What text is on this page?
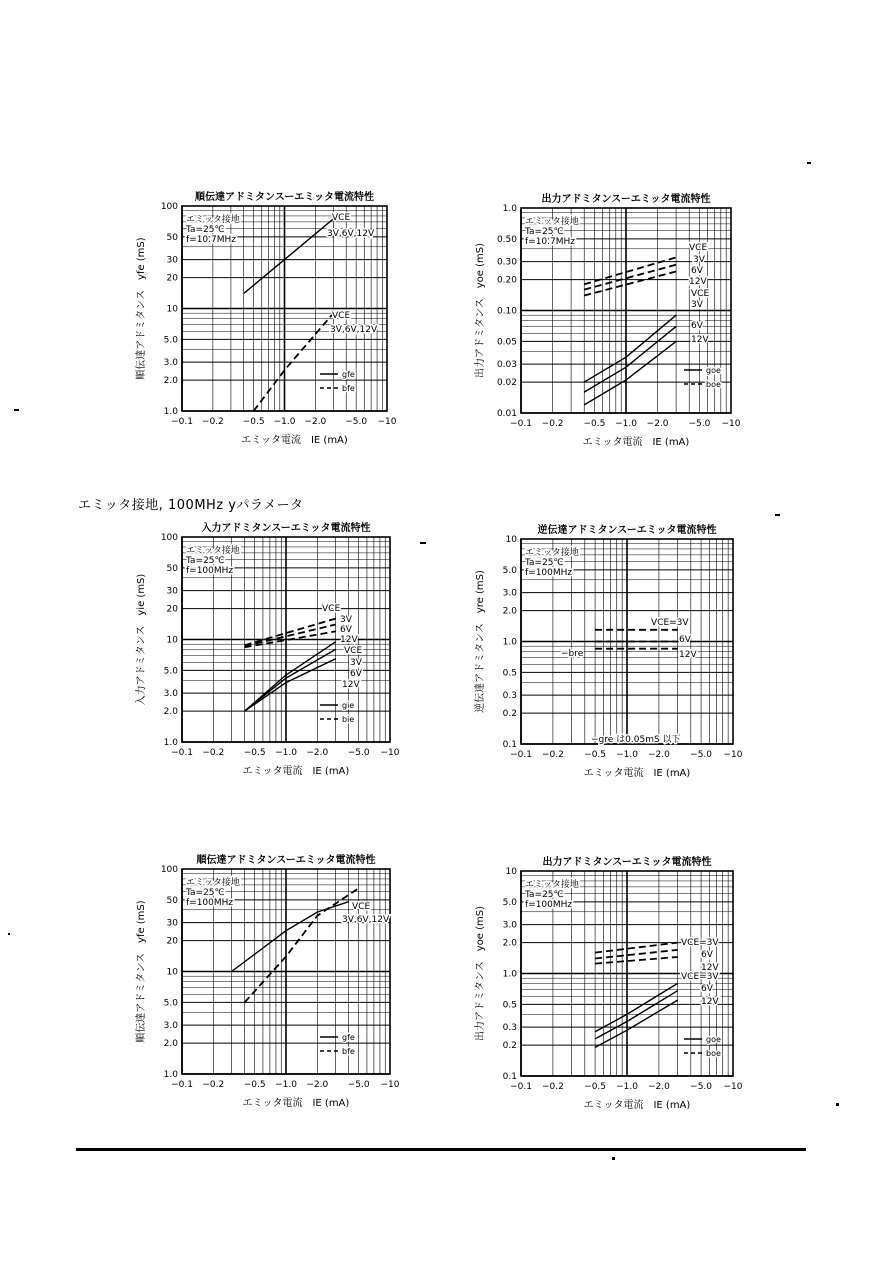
エミッタ接地, 100MHz yパラメータ
順伝達アドミタンスーエミッタ電流特性
−0.1 −0.2 −0.5 −1.0 −2.0 −5.0 −10
100
50
30
20
10
5.0
3.0
2.0
1.0
エミッタ電流　IE (mA)
順伝達アドミタンス　yfe (mS)
エミッタ接地
Ta=25℃
f=10.7MHz
VCE
3V,6V,12V
VCE
3V,6V,12V
gfe
bfe
出力アドミタンスーエミッタ電流特性
−0.1 −0.2 −0.5 −1.0 −2.0 −5.0 −10
1.0
0.50
0.30
0.20
0.10
0.05
0.03
0.02
0.01
エミッタ電流　IE (mA)
出力アドミタンス　yoe (mS)
エミッタ接地
Ta=25℃
f=10.7MHz
VCE
3V
6V
12V
VCE
3V
6V
12V
goe
boe
入力アドミタンスーエミッタ電流特性
−0.1 −0.2 −0.5 −1.0 −2.0 −5.0 −10
100
50
30
20
10
5.0
3.0
2.0
1.0
エミッタ電流　IE (mA)
入力アドミタンス　yie (mS)
エミッタ接地
Ta=25℃
f=100MHz
VCE
3V
6V
12V
VCE
3V
6V
12V
gie
bie
逆伝達アドミタンスーエミッタ電流特性
−0.1 −0.2 −0.5 −1.0 −2.0 −5.0 −10
10
5.0
3.0
2.0
1.0
0.5
0.3
0.2
0.1
エミッタ電流　IE (mA)
逆伝達アドミタンス　yre (mS)
エミッタ接地
Ta=25℃
f=100MHz
VCE=3V
6V
12V
−bre
−gre は0.05mS 以下
順伝達アドミタンスーエミッタ電流特性
−0.1 −0.2 −0.5 −1.0 −2.0 −5.0 −10
100
50
30
20
10
5.0
3.0
2.0
1.0
エミッタ電流　IE (mA)
順伝達アドミタンス　yfe (mS)
エミッタ接地
Ta=25℃
f=100MHz	VCE
3V,6V,12V
gfe
bfe
出力アドミタンスーエミッタ電流特性
−0.1 −0.2 −0.5 −1.0 −2.0 −5.0 −10
10
5.0
3.0
2.0
1.0
0.5
0.3
0.2
0.1
エミッタ電流　IE (mA)
出力アドミタンス　yoe (mS)
エミッタ接地
Ta=25℃
f=100MHz
VCE=3V
6V
12V
VCE=3V
6V
12V
goe
boe
